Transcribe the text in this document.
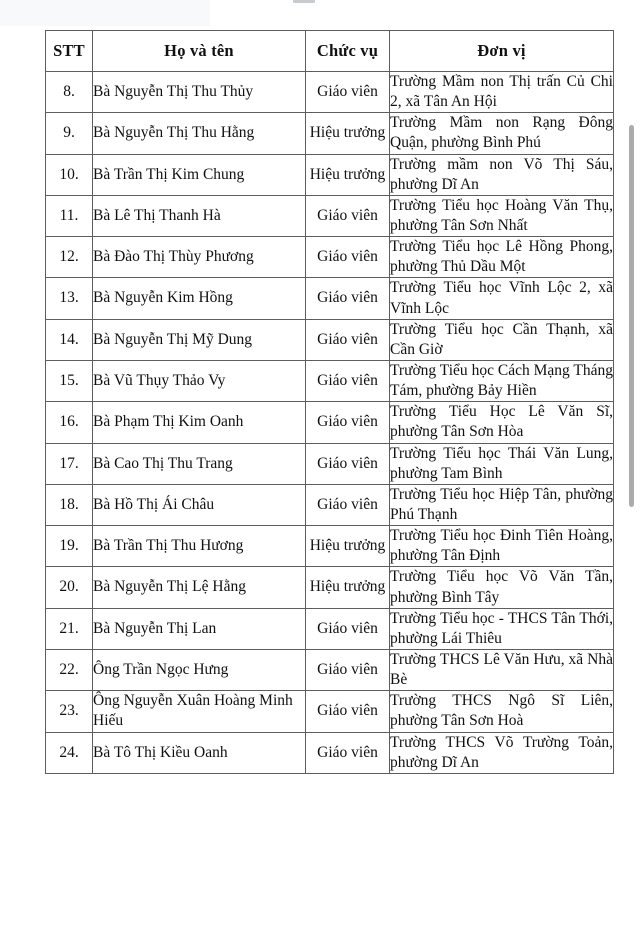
STT	Họ và tên	Chức vụ	Đơn vị
8.	Bà Nguyễn Thị Thu Thủy	Giáo viên	Trường Mầm non Thị trấn Củ Chi 2, xã Tân An Hội
9.	Bà Nguyễn Thị Thu Hằng	Hiệu trưởng	Trường Mầm non Rạng Đông Quận, phường Bình Phú
10.	Bà Trần Thị Kim Chung	Hiệu trưởng	Trường mầm non Võ Thị Sáu, phường Dĩ An
11.	Bà Lê Thị Thanh Hà	Giáo viên	Trường Tiểu học Hoàng Văn Thụ, phường Tân Sơn Nhất
12.	Bà Đào Thị Thùy Phương	Giáo viên	Trường Tiểu học Lê Hồng Phong, phường Thủ Dầu Một
13.	Bà Nguyễn Kim Hồng	Giáo viên	Trường Tiểu học Vĩnh Lộc 2, xã Vĩnh Lộc
14.	Bà Nguyễn Thị Mỹ Dung	Giáo viên	Trường Tiểu học Cần Thạnh, xã Cần Giờ
15.	Bà Vũ Thụy Thảo Vy	Giáo viên	Trường Tiểu học Cách Mạng Tháng Tám, phường Bảy Hiền
16.	Bà Phạm Thị Kim Oanh	Giáo viên	Trường Tiểu Học Lê Văn Sĩ, phường Tân Sơn Hòa
17.	Bà Cao Thị Thu Trang	Giáo viên	Trường Tiểu học Thái Văn Lung, phường Tam Bình
18.	Bà Hồ Thị Ái Châu	Giáo viên	Trường Tiểu học Hiệp Tân, phường Phú Thạnh
19.	Bà Trần Thị Thu Hương	Hiệu trưởng	Trường Tiểu học Đinh Tiên Hoàng, phường Tân Định
20.	Bà Nguyễn Thị Lệ Hằng	Hiệu trưởng	Trường Tiểu học Võ Văn Tần, phường Bình Tây
21.	Bà Nguyễn Thị Lan	Giáo viên	Trường Tiểu học - THCS Tân Thới, phường Lái Thiêu
22.	Ông Trần Ngọc Hưng	Giáo viên	Trường THCS Lê Văn Hưu, xã Nhà Bè
23.	Ông Nguyễn Xuân Hoàng Minh Hiếu	Giáo viên	Trường THCS Ngô Sĩ Liên, phường Tân Sơn Hoà
24.	Bà Tô Thị Kiều Oanh	Giáo viên	Trường THCS Võ Trường Toản, phường Dĩ An
